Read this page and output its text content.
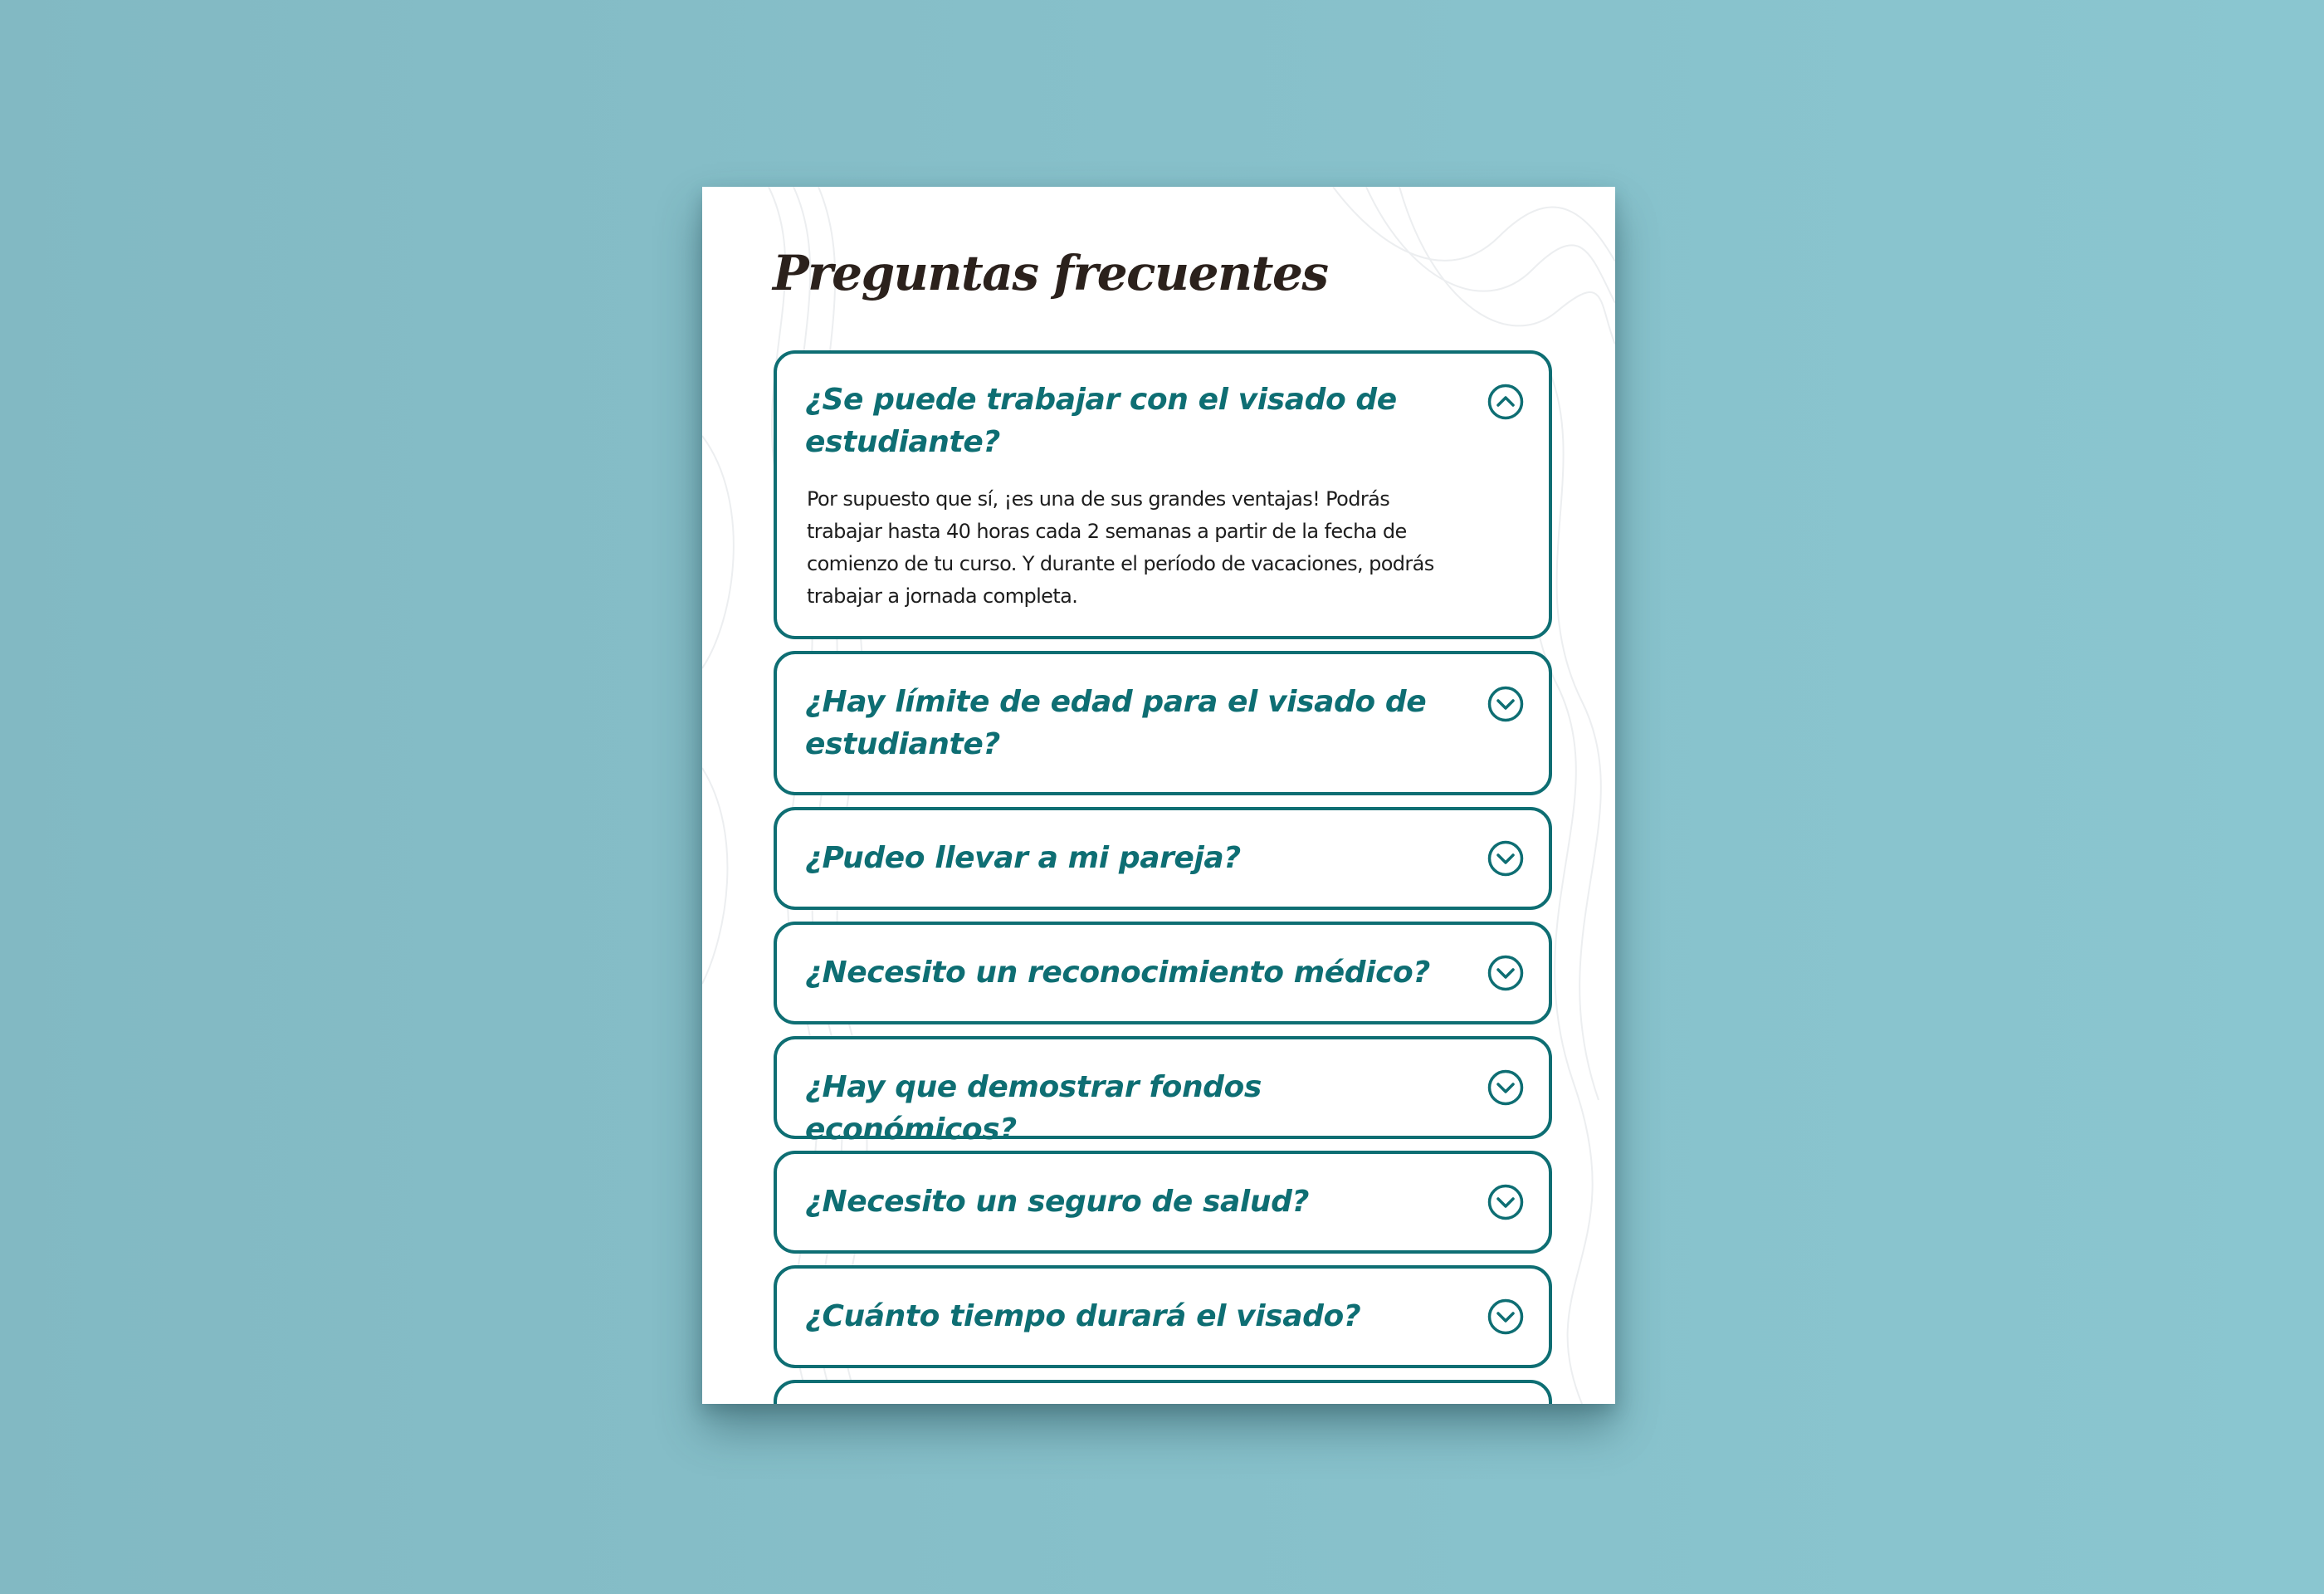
Preguntas frecuentes
¿Se puede trabajar con el visado de estudiante?

Por supuesto que sí, ¡es una de sus grandes ventajas! Podrás trabajar hasta 40 horas cada 2 semanas a partir de la fecha de comienzo de tu curso. Y durante el período de vacaciones, podrás trabajar a jornada completa.

¿Hay límite de edad para el visado de estudiante?
¿Pudeo llevar a mi pareja?
¿Necesito un reconocimiento médico?
¿Hay que demostrar fondos económicos?
¿Necesito un seguro de salud?
¿Cuánto tiempo durará el visado?
